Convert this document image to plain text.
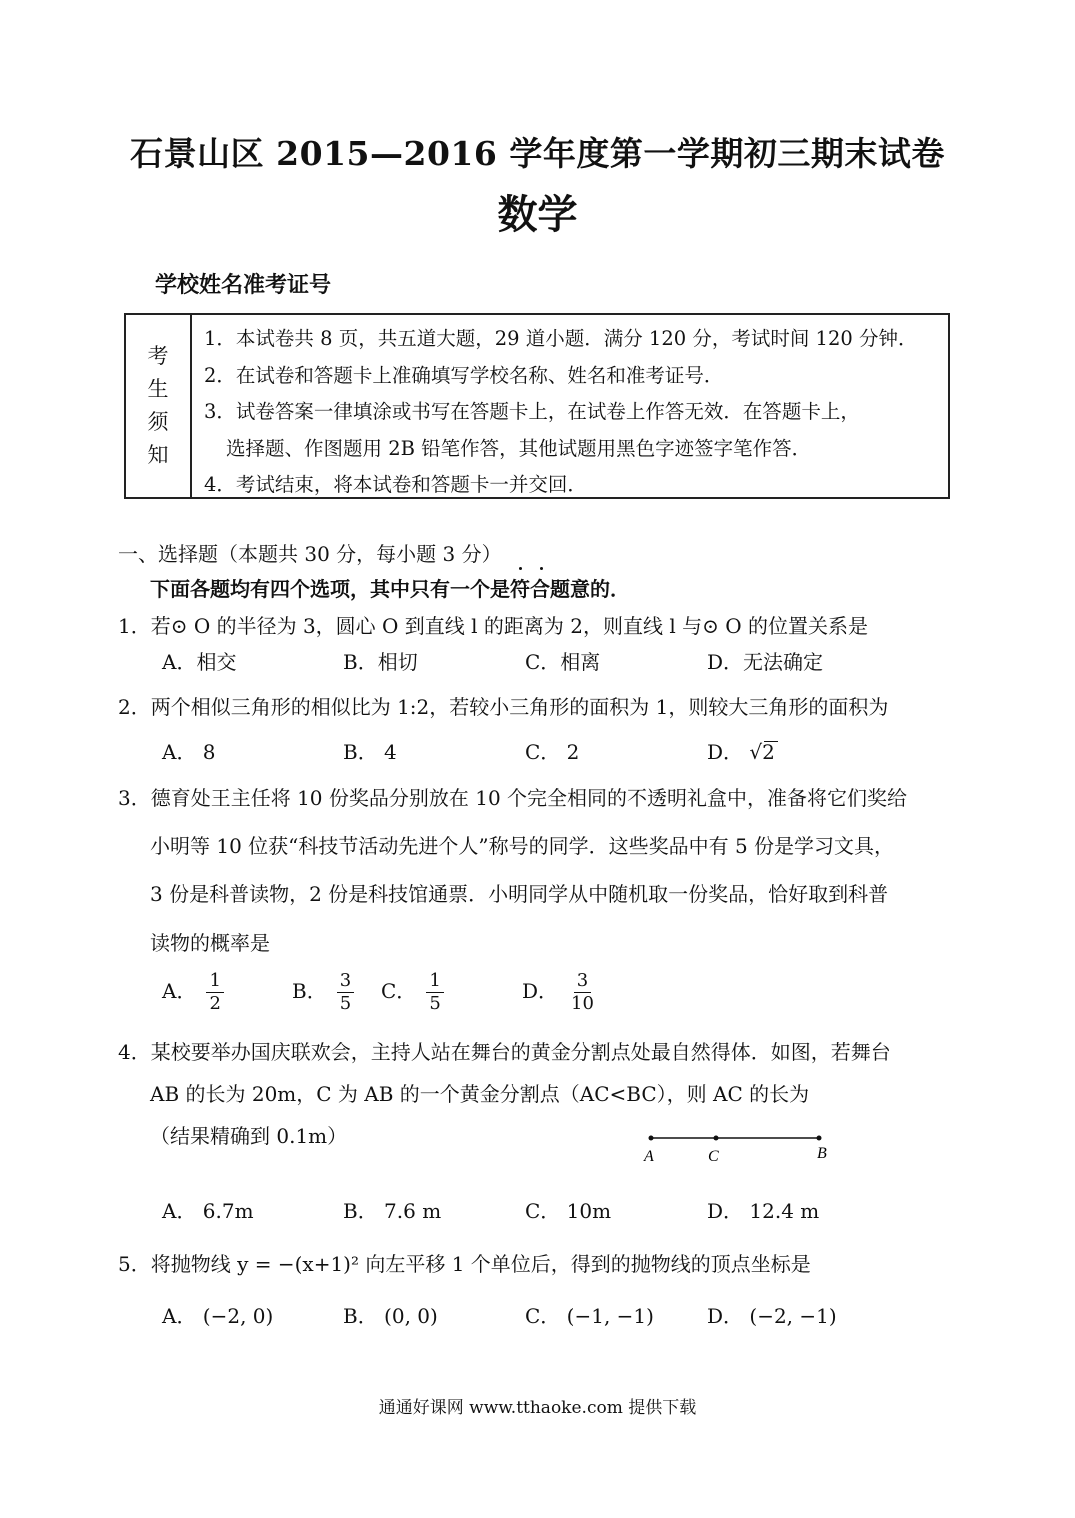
石景山区 2015—2016 学年度第一学期初三期末试卷
数学
学校姓名准考证号
考
生
须
知
1．本试卷共 8 页，共五道大题，29 道小题．满分 120 分，考试时间 120 分钟．
2．在试卷和答题卡上准确填写学校名称、姓名和准考证号．
3．试卷答案一律填涂或书写在答题卡上，在试卷上作答无效．在答题卡上，
选择题、作图题用 2B 铅笔作答，其他试题用黑色字迹签字笔作答．
4．考试结束，将本试卷和答题卡一并交回．
一、选择题（本题共 30 分，每小题 3 分）
下面各题均有四个选项，其中只有一个是符合题意的．
1．若⊙ O 的半径为 3，圆心 O 到直线 l 的距离为 2，则直线 l 与⊙ O 的位置关系是
A．相交	B．相切	C．相离	D．无法确定
2．两个相似三角形的相似比为 1:2，若较小三角形的面积为 1，则较大三角形的面积为
A． 8	B． 4	C． 2	D． √2
3．德育处王主任将 10 份奖品分别放在 10 个完全相同的不透明礼盒中，准备将它们奖给
小明等 10 位获“科技节活动先进个人”称号的同学．这些奖品中有 5 份是学习文具，
3 份是科普读物，2 份是科技馆通票．小明同学从中随机取一份奖品，恰好取到科普
读物的概率是
A． $\frac{1}{2}$	B． $\frac{3}{5}$ C． $\frac{1}{5}$	D． $\frac{3}{10}$
4．某校要举办国庆联欢会，主持人站在舞台的黄金分割点处最自然得体．如图，若舞台
AB 的长为 20m，C 为 AB 的一个黄金分割点（AC<BC），则 AC 的长为
（结果精确到 0.1m）
A	C	B
A． 6.7m	B． 7.6 m	C． 10m	D． 12.4 m
5．将抛物线 y = −(x+1)² 向左平移 1 个单位后，得到的抛物线的顶点坐标是
A． (−2, 0)	B． (0, 0)	C． (−1, −1)	D． (−2, −1)
通通好课网 www.tthaoke.com 提供下载
